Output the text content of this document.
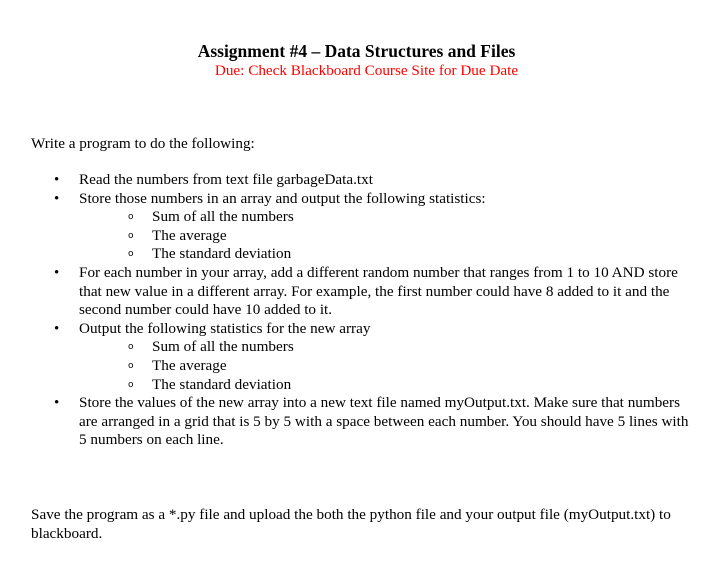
Assignment #4 – Data Structures and Files
Due: Check Blackboard Course Site for Due Date

Write a program to do the following:

• Read the numbers from text file garbageData.txt
• Store those numbers in an array and output the following statistics:
o Sum of all the numbers
o The average
o The standard deviation
• For each number in your array, add a different random number that ranges from 1 to 10 AND store that new value in a different array. For example, the first number could have 8 added to it and the second number could have 10 added to it.
• Output the following statistics for the new array
o Sum of all the numbers
o The average
o The standard deviation
• Store the values of the new array into a new text file named myOutput.txt. Make sure that numbers are arranged in a grid that is 5 by 5 with a space between each number. You should have 5 lines with 5 numbers on each line.

Save the program as a *.py file and upload the both the python file and your output file (myOutput.txt) to blackboard.
